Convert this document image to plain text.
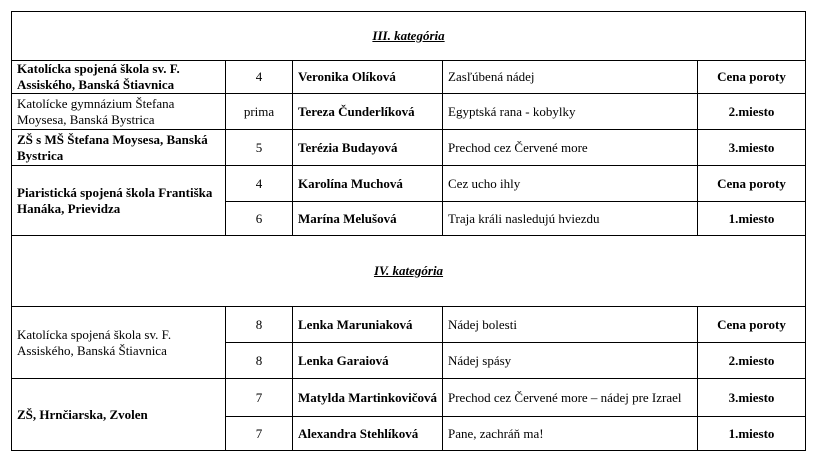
III. kategória				
Katolícka spojená škola sv. F. Assiského, Banská Štiavnica	4	Veronika Olíková	Zasľúbená nádej	Cena poroty
Katolícke gymnázium Štefana Moysesa, Banská Bystrica	prima	Tereza Čunderlíková	Egyptská rana - kobylky	2.miesto
ZŠ s MŠ Štefana Moysesa, Banská Bystrica	5	Terézia Budayová	Prechod cez Červené more	3.miesto
Piaristická spojená škola Františka Hanáka, Prievidza	4	Karolína Muchová	Cez ucho ihly	Cena poroty
	6	Marína Melušová	Traja králi nasledujú hviezdu	1.miesto
IV. kategória				
Katolícka spojená škola sv. F. Assiského, Banská Štiavnica	8	Lenka Maruniaková	Nádej bolesti	Cena poroty
	8	Lenka Garaiová	Nádej spásy	2.miesto
ZŠ, Hrnčiarska, Zvolen	7	Matylda Martinkovičová	Prechod cez Červené more – nádej pre Izrael	3.miesto
	7	Alexandra Stehlíková	Pane, zachráň ma!	1.miesto
